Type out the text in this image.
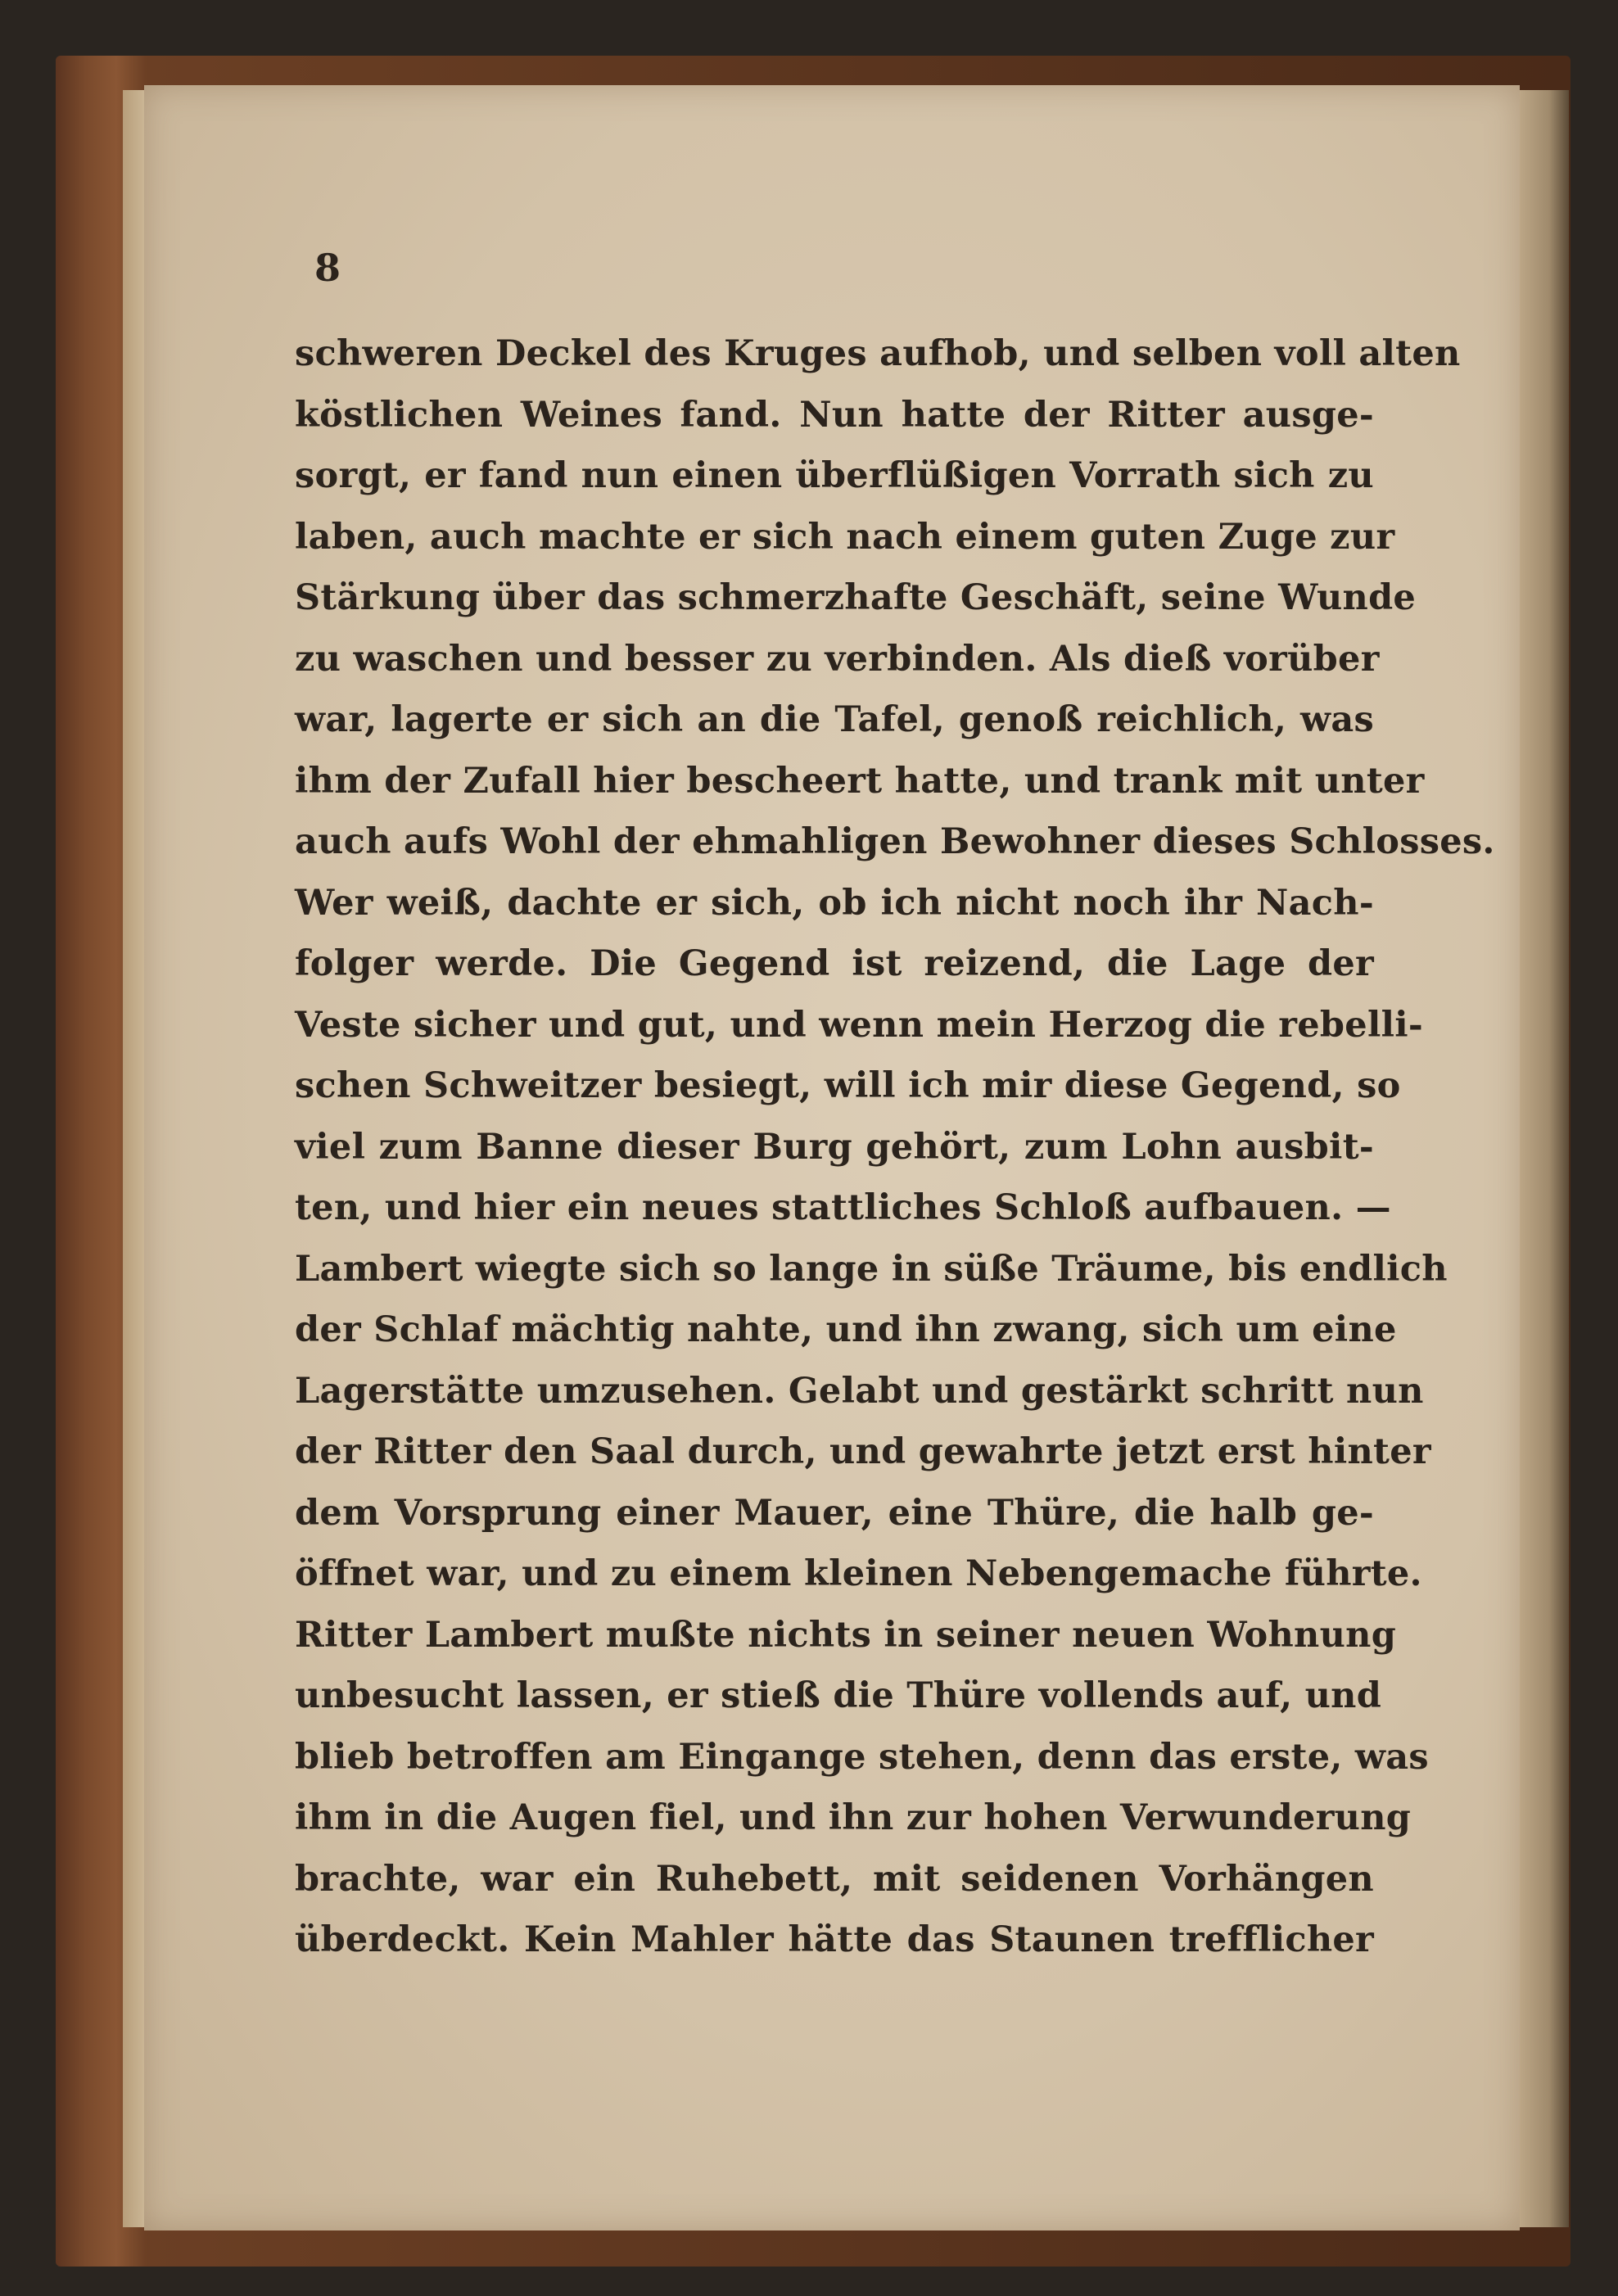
8
schweren Deckel des Kruges aufhob, und selben voll alten
köstlichen Weines fand. Nun hatte der Ritter ausge-
sorgt, er fand nun einen überflüßigen Vorrath sich zu
laben, auch machte er sich nach einem guten Zuge zur
Stärkung über das schmerzhafte Geschäft, seine Wunde
zu waschen und besser zu verbinden. Als dieß vorüber
war, lagerte er sich an die Tafel, genoß reichlich, was
ihm der Zufall hier bescheert hatte, und trank mit unter
auch aufs Wohl der ehmahligen Bewohner dieses Schlosses.
Wer weiß, dachte er sich, ob ich nicht noch ihr Nach-
folger werde. Die Gegend ist reizend, die Lage der
Veste sicher und gut, und wenn mein Herzog die rebelli-
schen Schweitzer besiegt, will ich mir diese Gegend, so
viel zum Banne dieser Burg gehört, zum Lohn ausbit-
ten, und hier ein neues stattliches Schloß aufbauen. —
Lambert wiegte sich so lange in süße Träume, bis endlich
der Schlaf mächtig nahte, und ihn zwang, sich um eine
Lagerstätte umzusehen. Gelabt und gestärkt schritt nun
der Ritter den Saal durch, und gewahrte jetzt erst hinter
dem Vorsprung einer Mauer, eine Thüre, die halb ge-
öffnet war, und zu einem kleinen Nebengemache führte.
Ritter Lambert mußte nichts in seiner neuen Wohnung
unbesucht lassen, er stieß die Thüre vollends auf, und
blieb betroffen am Eingange stehen, denn das erste, was
ihm in die Augen fiel, und ihn zur hohen Verwunderung
brachte, war ein Ruhebett, mit seidenen Vorhängen
überdeckt. Kein Mahler hätte das Staunen trefflicher
